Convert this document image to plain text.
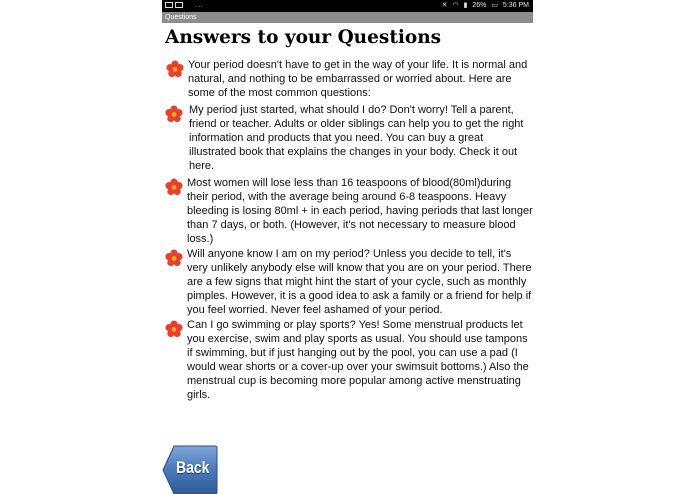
...	✕ ◠ ▮ 26% ▭ 5:36 PM
Questions
Answers to your Questions
Your period doesn't have to get in the way of your life. It is normal and natural, and nothing to be embarrassed or worried about. Here are some of the most common questions:
My period just started, what should I do? Don't worry! Tell a parent, friend or teacher. Adults or older siblings can help you to get the right information and products that you need. You can buy a great illustrated book that explains the changes in your body. Check it out here.
Most women will lose less than 16 teaspoons of blood(80ml)during their period, with the average being around 6-8 teaspoons. Heavy bleeding is losing 80ml + in each period, having periods that last longer than 7 days, or both. (However, it's not necessary to measure blood loss.)
Will anyone know I am on my period? Unless you decide to tell, it's very unlikely anybody else will know that you are on your period. There are a few signs that might hint the start of your cycle, such as monthly pimples. However, it is a good idea to ask a family or a friend for help if you feel worried. Never feel ashamed of your period.
Can I go swimming or play sports? Yes! Some menstrual products let you exercise, swim and play sports as usual. You should use tampons if swimming, but if just hanging out by the pool, you can use a pad (I would wear shorts or a cover-up over your swimsuit bottoms.) Also the menstrual cup is becoming more popular among active menstruating girls.
Back
